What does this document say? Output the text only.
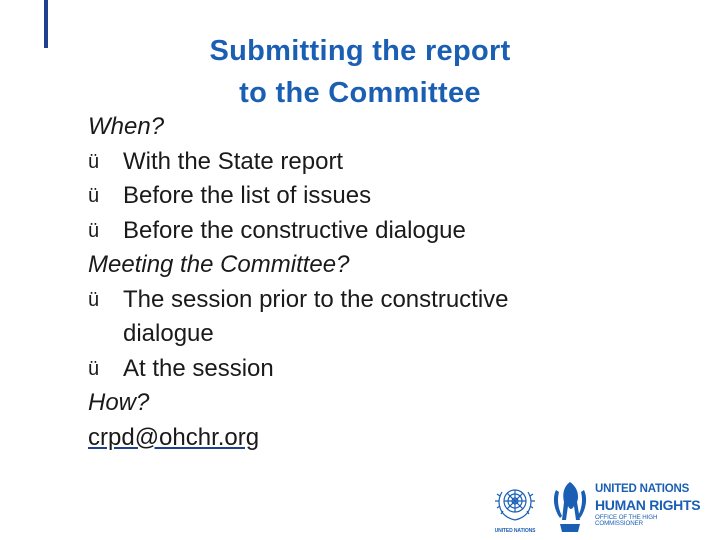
Submitting the report
to the Committee
When?
ü With the State report
ü Before the list of issues
ü Before the constructive dialogue
Meeting the Committee?
ü The session prior to the constructive
dialogue
ü At the session
How?
crpd@ohchr.org
UNITED NATIONS
UNITED NATIONS
HUMAN RIGHTS
OFFICE OF THE HIGH COMMISSIONER
